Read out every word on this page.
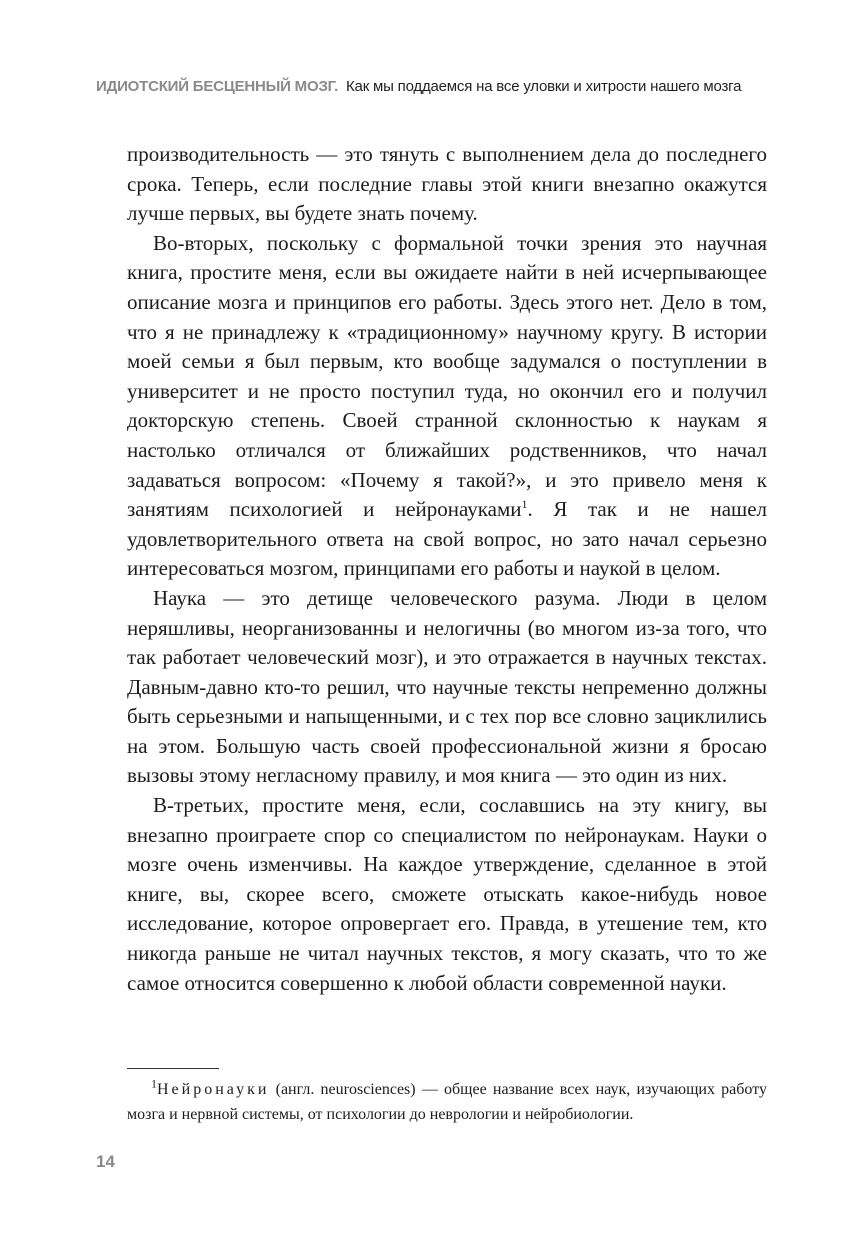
ИДИОТСКИЙ БЕСЦЕННЫЙ МОЗГ. Как мы поддаемся на все уловки и хитрости нашего мозга

производительность — это тянуть с выполнением дела до последнего срока. Теперь, если последние главы этой книги внезапно окажутся лучше первых, вы будете знать почему.

Во-вторых, поскольку с формальной точки зрения это научная книга, простите меня, если вы ожидаете найти в ней исчерпывающее описание мозга и принципов его работы. Здесь этого нет. Дело в том, что я не принадлежу к «традиционному» научному кругу. В истории моей семьи я был первым, кто вообще задумался о поступлении в университет и не просто поступил туда, но окончил его и получил докторскую степень. Своей странной склонностью к наукам я настолько отличался от ближайших родственников, что начал задаваться вопросом: «Почему я такой?», и это привело меня к занятиям психологией и нейронауками$^1$. Я так и не нашел удовлетворительного ответа на свой вопрос, но зато начал серьезно интересоваться мозгом, принципами его работы и наукой в целом.

Наука — это детище человеческого разума. Люди в целом неряшливы, неорганизованны и нелогичны (во многом из-за того, что так работает человеческий мозг), и это отражается в научных текстах. Давным-давно кто-то решил, что научные тексты непременно должны быть серьезными и напыщенными, и с тех пор все словно зациклились на этом. Большую часть своей профессиональной жизни я бросаю вызовы этому негласному правилу, и моя книга — это один из них.

В-третьих, простите меня, если, сославшись на эту книгу, вы внезапно проиграете спор со специалистом по нейронаукам. Науки о мозге очень изменчивы. На каждое утверждение, сделанное в этой книге, вы, скорее всего, сможете отыскать какое-нибудь новое исследование, которое опровергает его. Правда, в утешение тем, кто никогда раньше не читал научных текстов, я могу сказать, что то же самое относится совершенно к любой области современной науки.

$^1$Нейронауки (англ. neurosciences) — общее название всех наук, изучающих работу мозга и нервной системы, от психологии до неврологии и нейробиологии.

14
